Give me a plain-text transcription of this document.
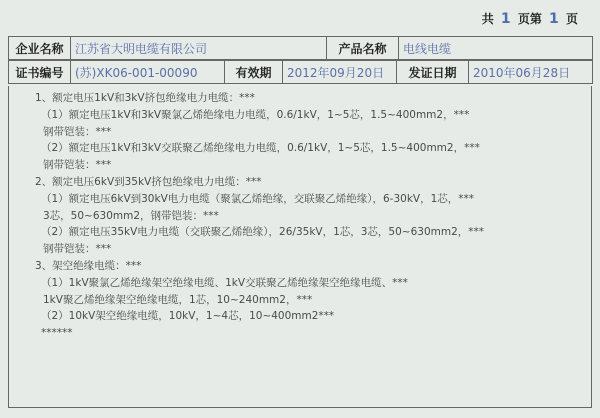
共 1 页第 1 页
企业名称	江苏省大明电缆有限公司	产品名称	电线电缆
证书编号	(苏)XK06-001-00090	有效期	2012年09月20日	发证日期	2010年06月28日
1、额定电压1kV和3kV挤包绝缘电力电缆：***
（1）额定电压1kV和3kV聚氯乙烯绝缘电力电缆，0.6/1kV，1~5芯，1.5~400mm2，***
钢带铠装：***
（2）额定电压1kV和3kV交联聚乙烯绝缘电力电缆，0.6/1kV，1~5芯，1.5~400mm2，***
钢带铠装：***
2、额定电压6kV到35kV挤包绝缘电力电缆：***
（1）额定电压6kV到30kV电力电缆（聚氯乙烯绝缘，交联聚乙烯绝缘），6-30kV，1芯，***
3芯，50~630mm2，钢带铠装：***
（2）额定电压35kV电力电缆（交联聚乙烯绝缘），26/35kV，1芯，3芯，50~630mm2，***
钢带铠装：***
3、架空绝缘电缆：***
（1）1kV聚氯乙烯绝缘架空绝缘电缆、1kV交联聚乙烯绝缘架空绝缘电缆、***
1kV聚乙烯绝缘架空绝缘电缆，1芯，10~240mm2，***
（2）10kV架空绝缘电缆，10kV，1~4芯，10~400mm2***
******
